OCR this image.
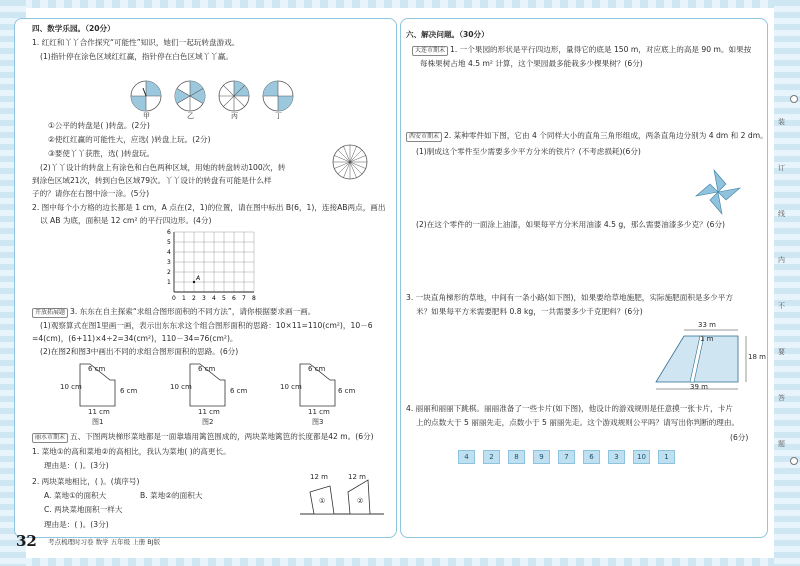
四、数学乐园。（20分）
1. 红红和丫丫合作探究“可能性”知识，她们一起玩转盘游戏。
(1)指针停在涂色区域红红赢，指针停在白色区域丫丫赢。
甲	乙	丙	丁
①公平的转盘是( )转盘。(2分)
②使红红赢的可能性大，应选( )转盘上玩。(2分)
③要使丫丫获胜，选( )转盘玩。
(2)丫丫设计的转盘上有涂色和白色两种区域，用她的转盘转动100次，转
到涂色区域21次，转到白色区域79次。丫丫设计的转盘有可能是什么样
子的？请你在右图中涂一涂。(5分)
2. 图中每个小方格的边长都是 1 cm，A 点在(2，1)的位置，请在图中标出 B(6，1)，连接AB两点，画出
以 AB 为底，面积是 12 cm² 的平行四边形。(4分)
0 1 2 3 4 5 6 7 8
1
2
3
4
5
6
A
开放拓展题 3. 东东在自主探索“求组合图形面积的不同方法”，请你根据要求画一画。
(1)观察算式在图1里画一画，表示出东东求这个组合图形面积的思路：10×11=110(cm²)，10－6
=4(cm)，(6+11)×4÷2=34(cm²)，110－34=76(cm²)。
(2)在图2和图3中画出不同的求组合图形面积的思路。(6分)
6 cm	6 cm	6 cm
10 cm	10 cm	10 cm
6 cm	6 cm	6 cm
11 cm	11 cm	11 cm
图1	图2	图3
丽水市期末 五、下图两块梯形菜地都是一面靠墙用篱笆围成的，两块菜地篱笆的长度都是42 m。(6分)
1. 菜地①的高和菜地②的高相比，我认为菜地( )的高更长。
理由是：( )。(3分)
2. 两块菜地相比，( )。(填序号)
A. 菜地①的面积大	B. 菜地②的面积大
C. 两块菜地面积一样大
理由是：( )。(3分)
12 m	12 m
①	②
32 考点梳理时习卷 数学 五年级 上册 BJ版
六、解决问题。（30分）
大连市期末 1. 一个果园的形状是平行四边形，量得它的底是 150 m，对应底上的高是 90 m。如果按
每株果树占地 4.5 m² 计算，这个果园最多能栽多少棵果树？(6分)
西安市期末 2. 某种零件如下图，它由 4 个同样大小的直角三角形组成，两条直角边分别为 4 dm 和 2 dm。
(1)制成这个零件至少需要多少平方分米的铁片？(不考虑损耗)(6分)
(2)在这个零件的一面涂上油漆，如果每平方分米用油漆 4.5 g，那么需要油漆多少克？(6分)
3. 一块直角梯形的草地，中间有一条小路(如下图)，如果要给草地施肥，实际施肥面积是多少平方
米？如果每平方米需要肥料 0.8 kg，一共需要多少千克肥料？(6分)
33 m
1 m
18 m
39 m
4. 丽丽和丽丽下跳棋。丽丽准备了一些卡片(如下图)，他设计的游戏规则是任意摸一张卡片，卡片
上的点数大于 5 丽丽先走，点数小于 5 丽丽先走。这个游戏规则公平吗？请写出你判断的理由。
(6分)
4	2	8	9	7	6	3	10	1
装
订
线
内
不
要
答
题
